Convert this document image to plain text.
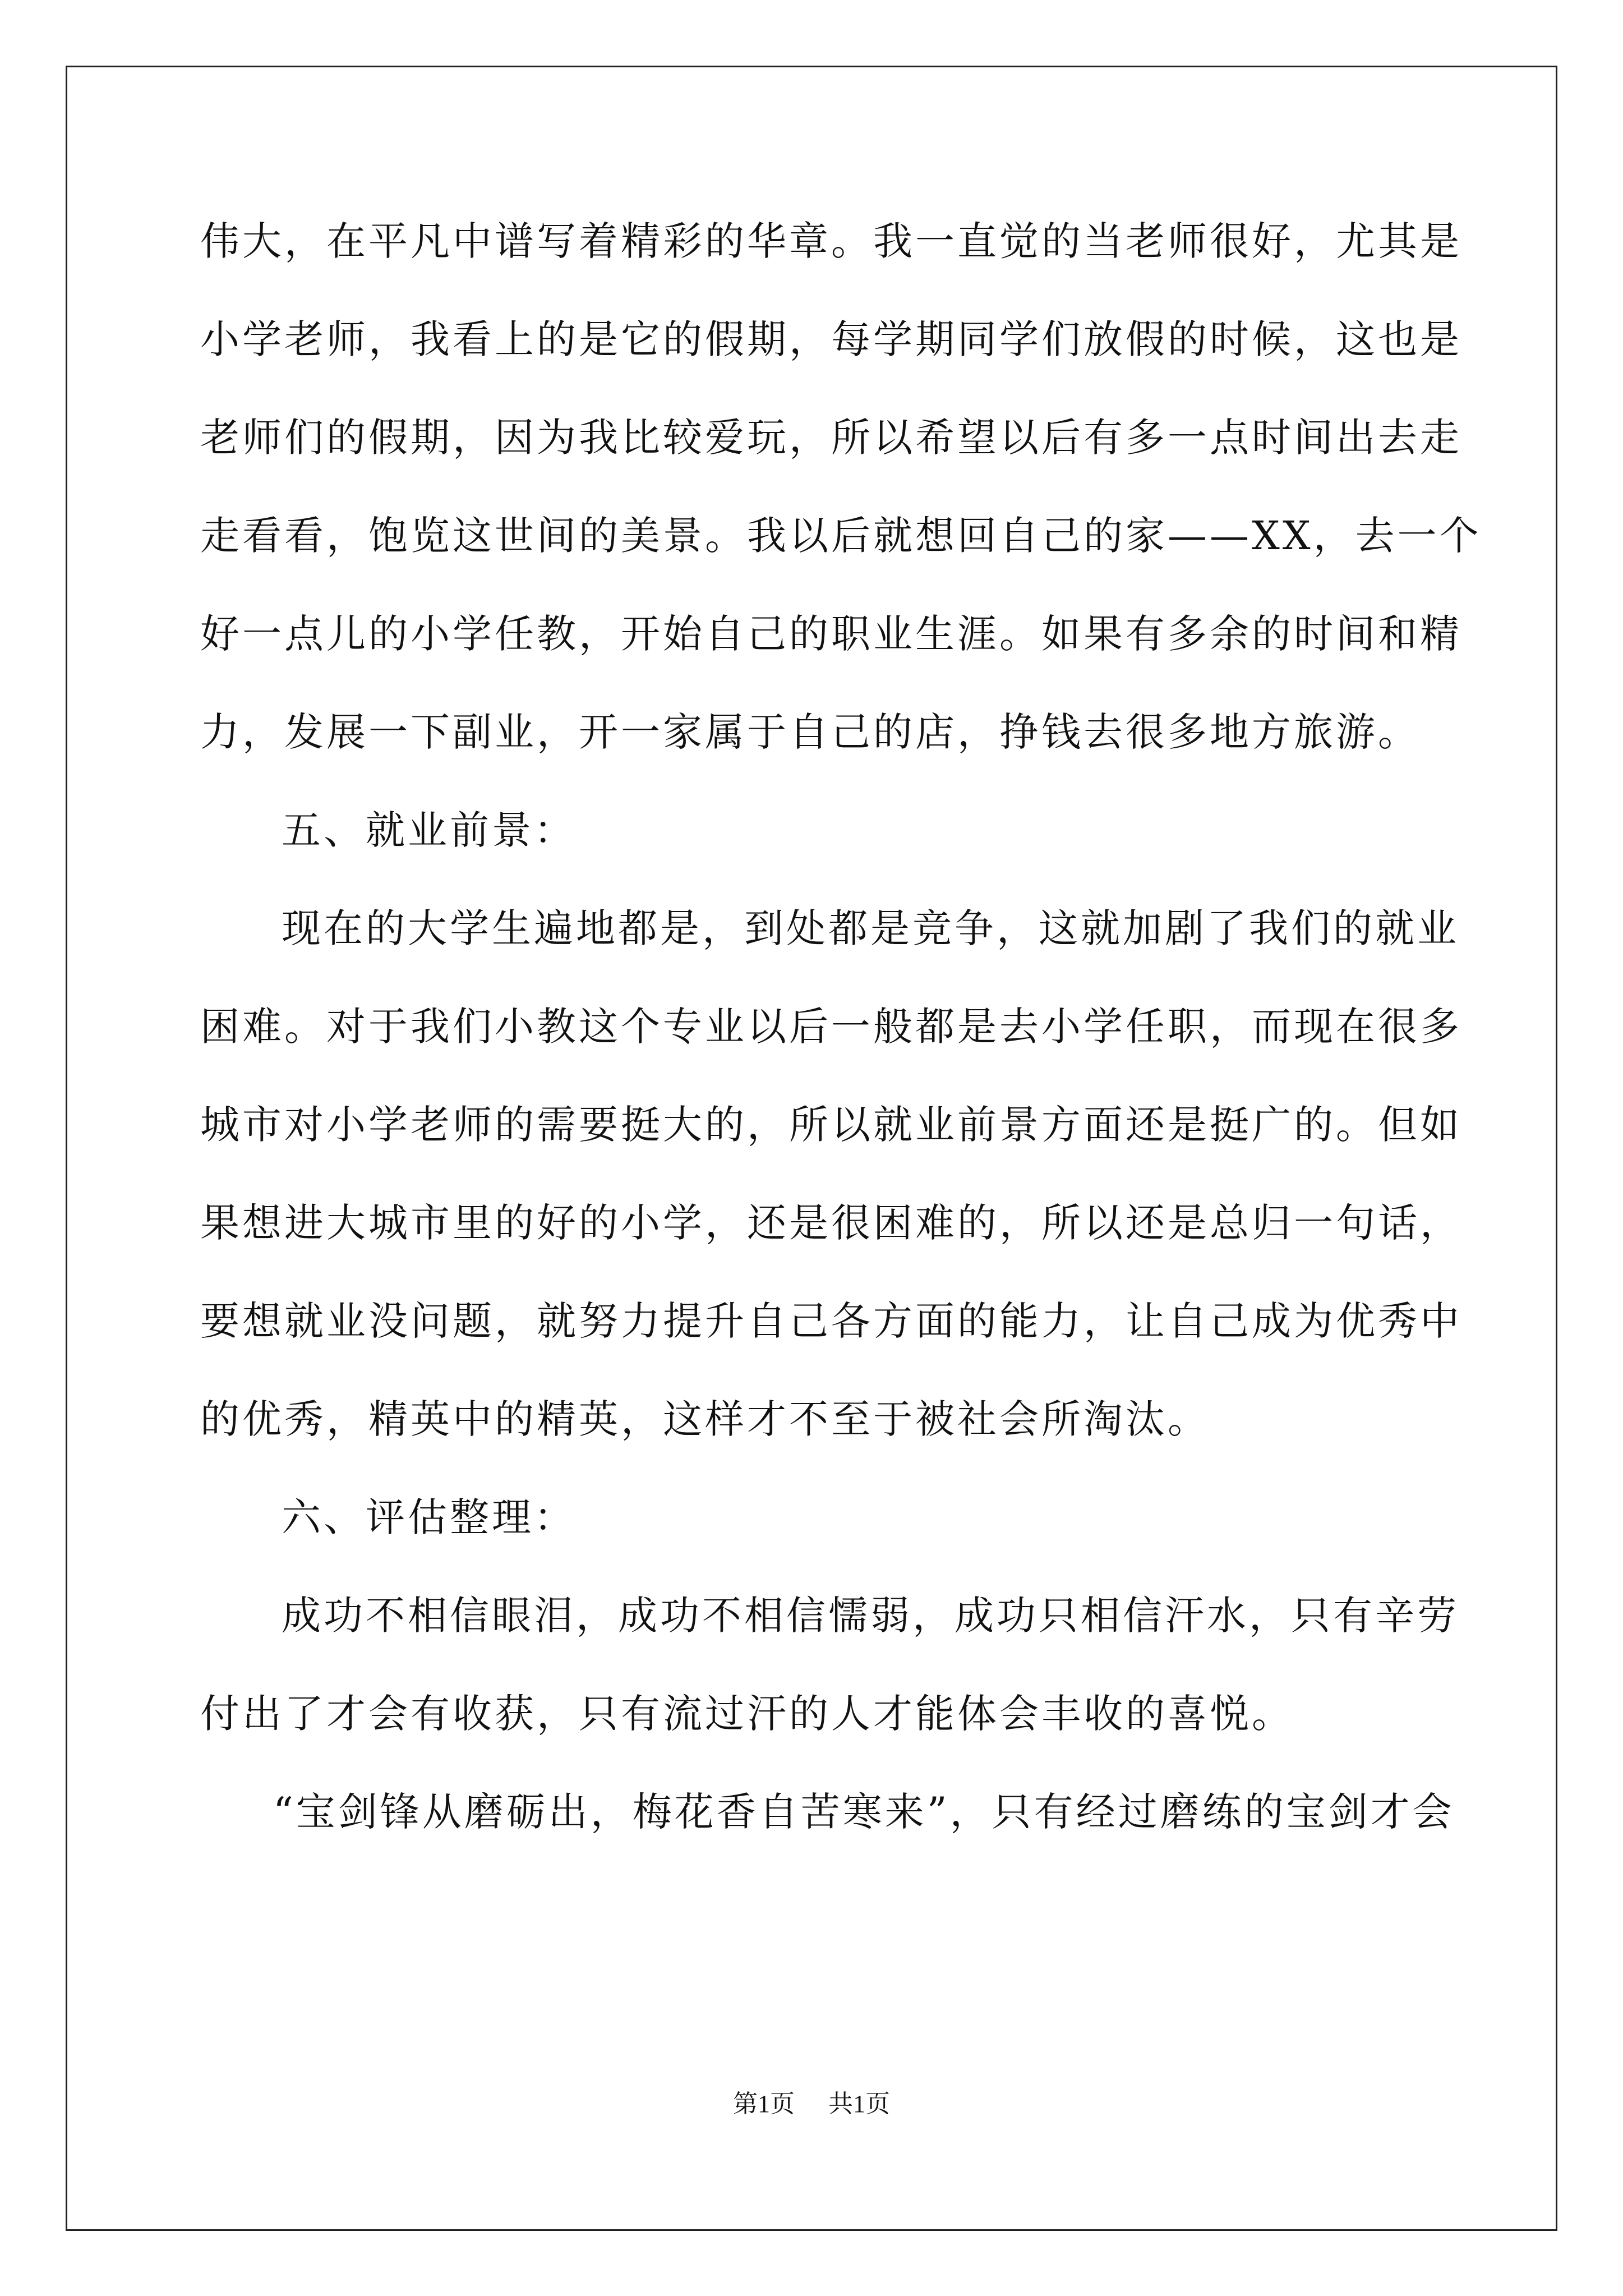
伟大，在平凡中谱写着精彩的华章。我一直觉的当老师很好，尤其是
小学老师，我看上的是它的假期，每学期同学们放假的时候，这也是
老师们的假期，因为我比较爱玩，所以希望以后有多一点时间出去走
走看看，饱览这世间的美景。我以后就想回自己的家——XX，去一个
好一点儿的小学任教，开始自己的职业生涯。如果有多余的时间和精
力，发展一下副业，开一家属于自己的店，挣钱去很多地方旅游。
五、就业前景：
现在的大学生遍地都是，到处都是竞争，这就加剧了我们的就业
困难。对于我们小教这个专业以后一般都是去小学任职，而现在很多
城市对小学老师的需要挺大的，所以就业前景方面还是挺广的。但如
果想进大城市里的好的小学，还是很困难的，所以还是总归一句话，
要想就业没问题，就努力提升自己各方面的能力，让自己成为优秀中
的优秀，精英中的精英，这样才不至于被社会所淘汰。
六、评估整理：
成功不相信眼泪，成功不相信懦弱，成功只相信汗水，只有辛劳
付出了才会有收获，只有流过汗的人才能体会丰收的喜悦。
“宝剑锋从磨砺出，梅花香自苦寒来”，只有经过磨练的宝剑才会
第1页 共1页
